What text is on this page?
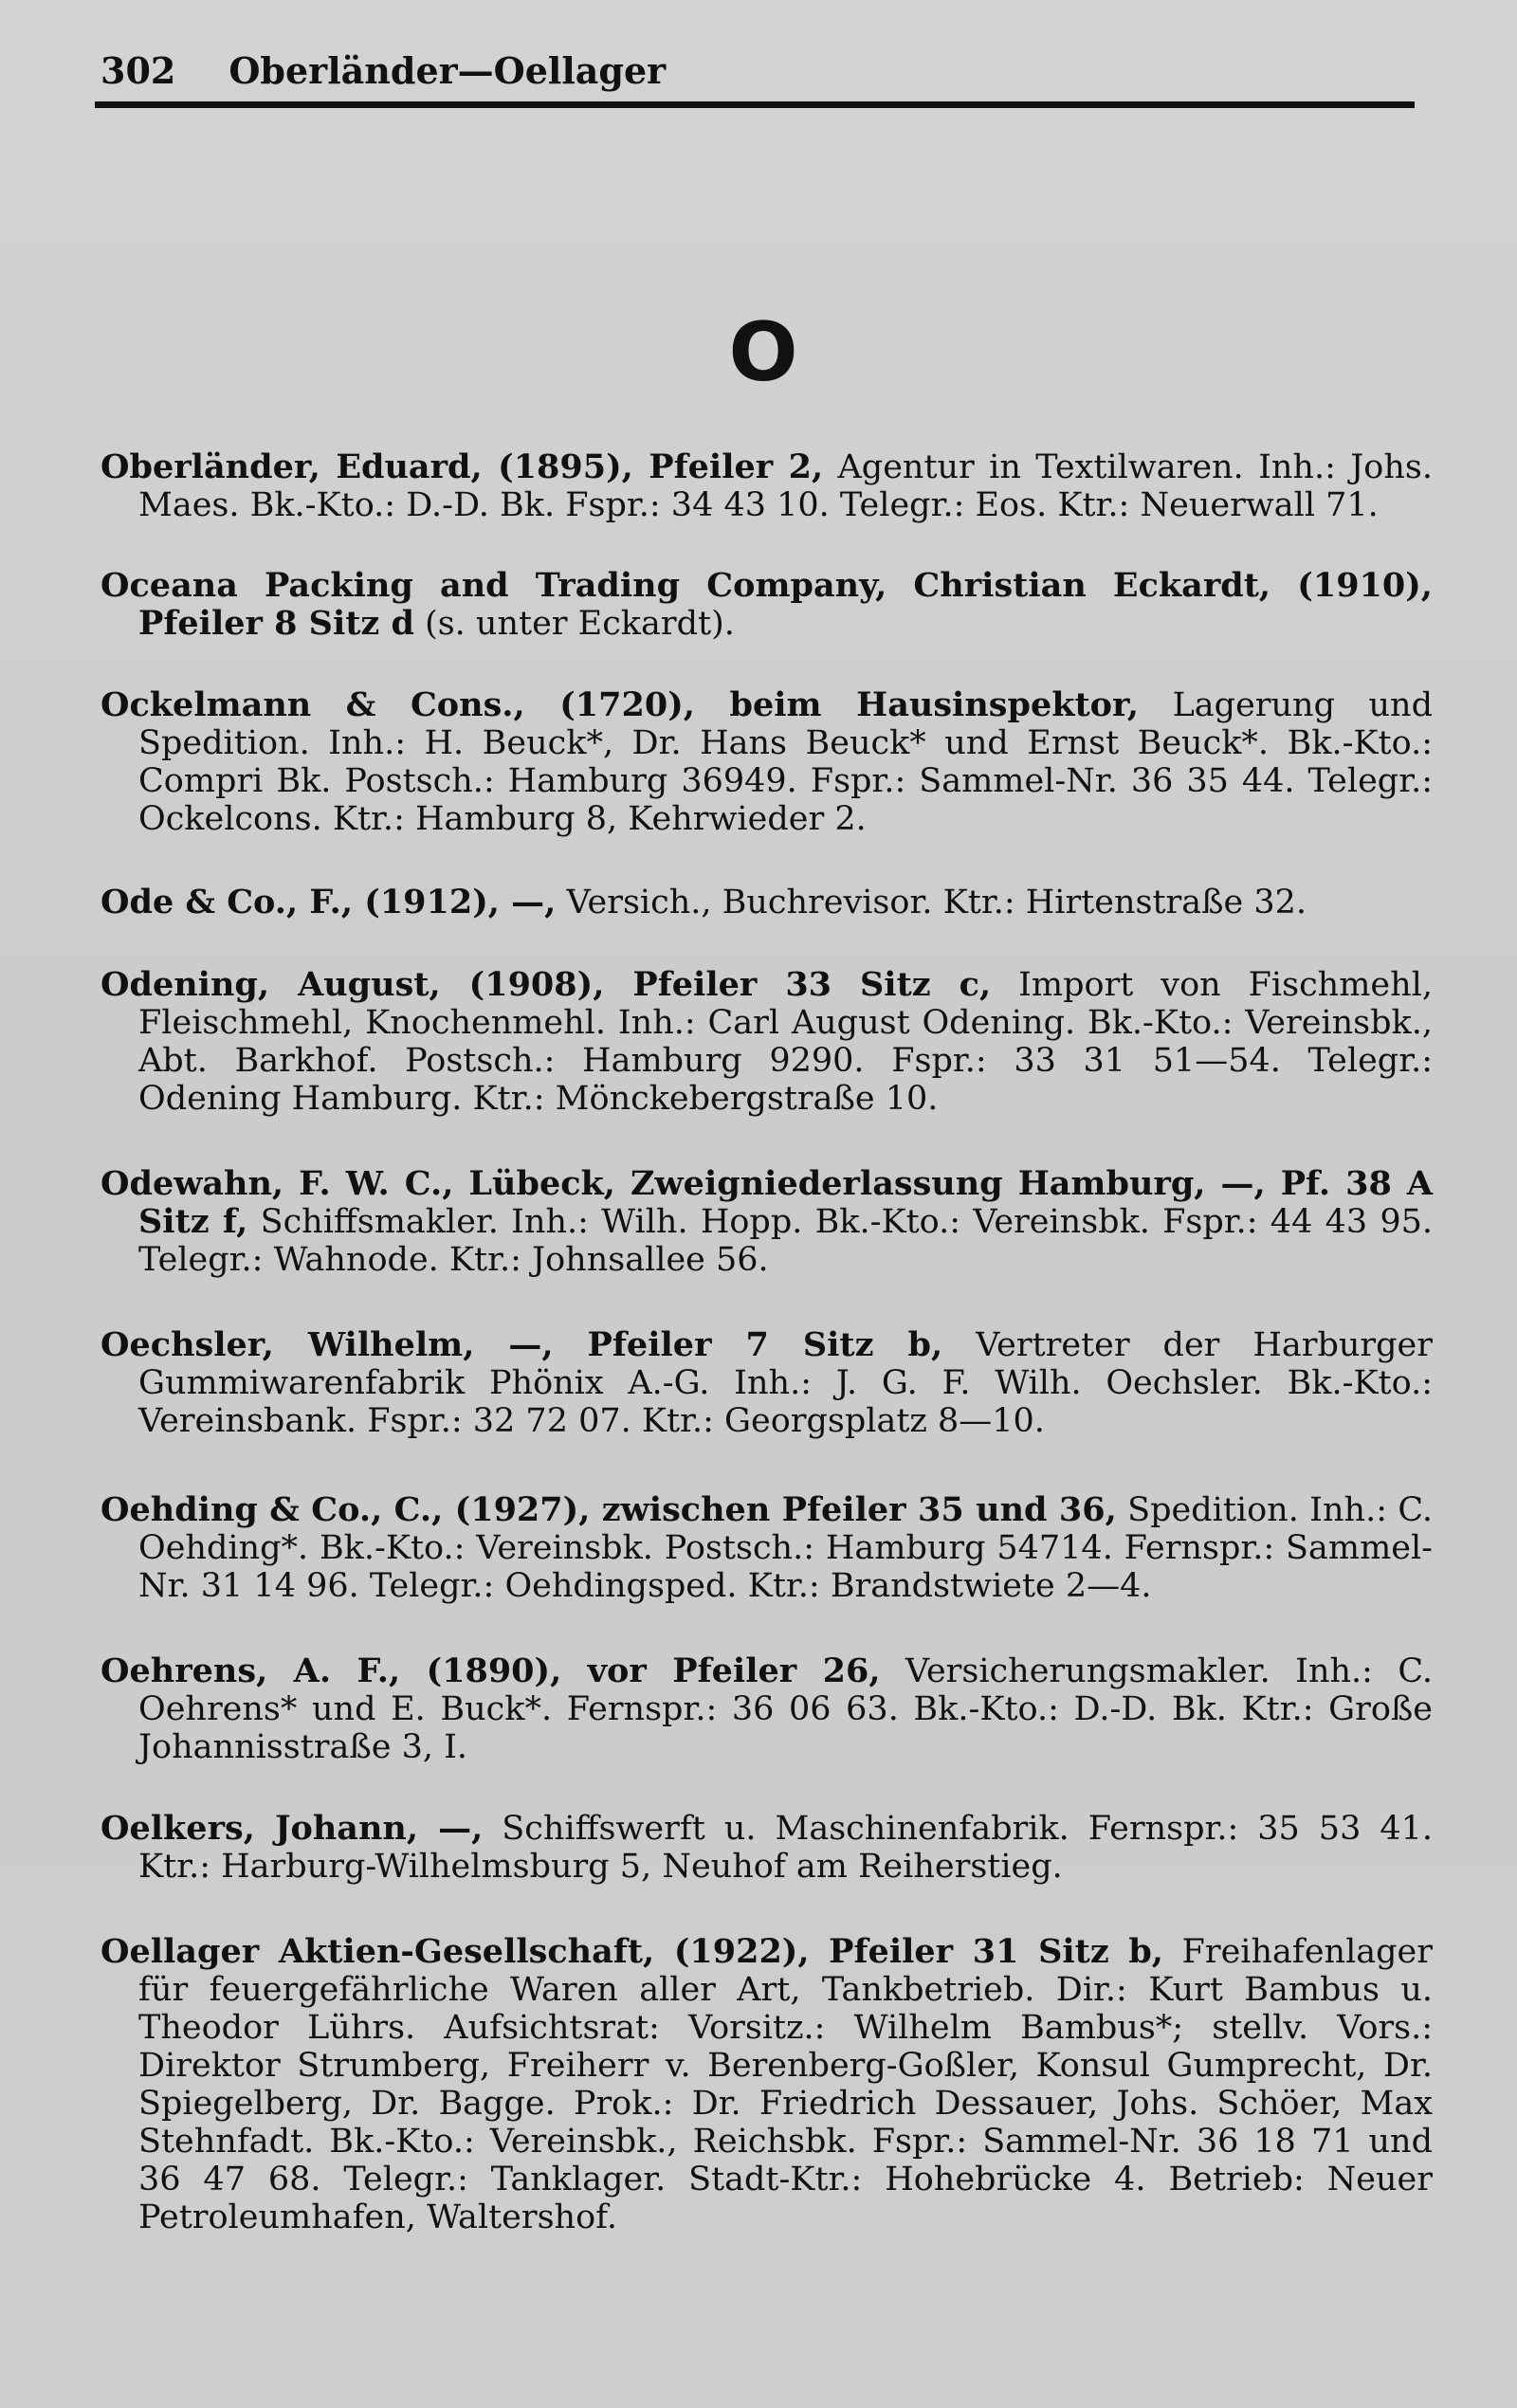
302 Oberländer—Oellager
O

Oberländer, Eduard, (1895), Pfeiler 2, Agentur in Textilwaren. Inh.: Johs. Maes. Bk.-Kto.: D.-D. Bk. Fspr.: 34 43 10. Telegr.: Eos. Ktr.: Neuerwall 71.

Oceana Packing and Trading Company, Christian Eckardt, (1910), Pfeiler 8 Sitz d (s. unter Eckardt).

Ockelmann & Cons., (1720), beim Hausinspektor, Lagerung und Spedition. Inh.: H. Beuck*, Dr. Hans Beuck* und Ernst Beuck*. Bk.-Kto.: Compri Bk. Postsch.: Hamburg 36949. Fspr.: Sammel-Nr. 36 35 44. Telegr.: Ockelcons. Ktr.: Hamburg 8, Kehrwieder 2.

Ode & Co., F., (1912), —, Versich., Buchrevisor. Ktr.: Hirtenstraße 32.

Odening, August, (1908), Pfeiler 33 Sitz c, Import von Fischmehl, Fleischmehl, Knochenmehl. Inh.: Carl August Odening. Bk.-Kto.: Vereinsbk., Abt. Barkhof. Postsch.: Hamburg 9290. Fspr.: 33 31 51—54. Telegr.: Odening Hamburg. Ktr.: Mönckebergstraße 10.

Odewahn, F. W. C., Lübeck, Zweigniederlassung Hamburg, —, Pf. 38 A Sitz f, Schiffsmakler. Inh.: Wilh. Hopp. Bk.-Kto.: Vereinsbk. Fspr.: 44 43 95. Telegr.: Wahnode. Ktr.: Johnsallee 56.

Oechsler, Wilhelm, —, Pfeiler 7 Sitz b, Vertreter der Harburger Gummiwarenfabrik Phönix A.-G. Inh.: J. G. F. Wilh. Oechsler. Bk.-Kto.: Vereinsbank. Fspr.: 32 72 07. Ktr.: Georgsplatz 8—10.

Oehding & Co., C., (1927), zwischen Pfeiler 35 und 36, Spedition. Inh.: C. Oehding*. Bk.-Kto.: Vereinsbk. Postsch.: Hamburg 54714. Fernspr.: Sammel-Nr. 31 14 96. Telegr.: Oehdingsped. Ktr.: Brandstwiete 2—4.

Oehrens, A. F., (1890), vor Pfeiler 26, Versicherungsmakler. Inh.: C. Oehrens* und E. Buck*. Fernspr.: 36 06 63. Bk.-Kto.: D.-D. Bk. Ktr.: Große Johannisstraße 3, I.

Oelkers, Johann, —, Schiffswerft u. Maschinenfabrik. Fernspr.: 35 53 41. Ktr.: Harburg-Wilhelmsburg 5, Neuhof am Reiherstieg.

Oellager Aktien-Gesellschaft, (1922), Pfeiler 31 Sitz b, Freihafenlager für feuergefährliche Waren aller Art, Tankbetrieb. Dir.: Kurt Bambus u. Theodor Lührs. Aufsichtsrat: Vorsitz.: Wilhelm Bambus*; stellv. Vors.: Direktor Strumberg, Freiherr v. Berenberg-Goßler, Konsul Gumprecht, Dr. Spiegelberg, Dr. Bagge. Prok.: Dr. Friedrich Dessauer, Johs. Schöer, Max Stehnfadt. Bk.-Kto.: Vereinsbk., Reichsbk. Fspr.: Sammel-Nr. 36 18 71 und 36 47 68. Telegr.: Tanklager. Stadt-Ktr.: Hohebrücke 4. Betrieb: Neuer Petroleumhafen, Waltershof.
